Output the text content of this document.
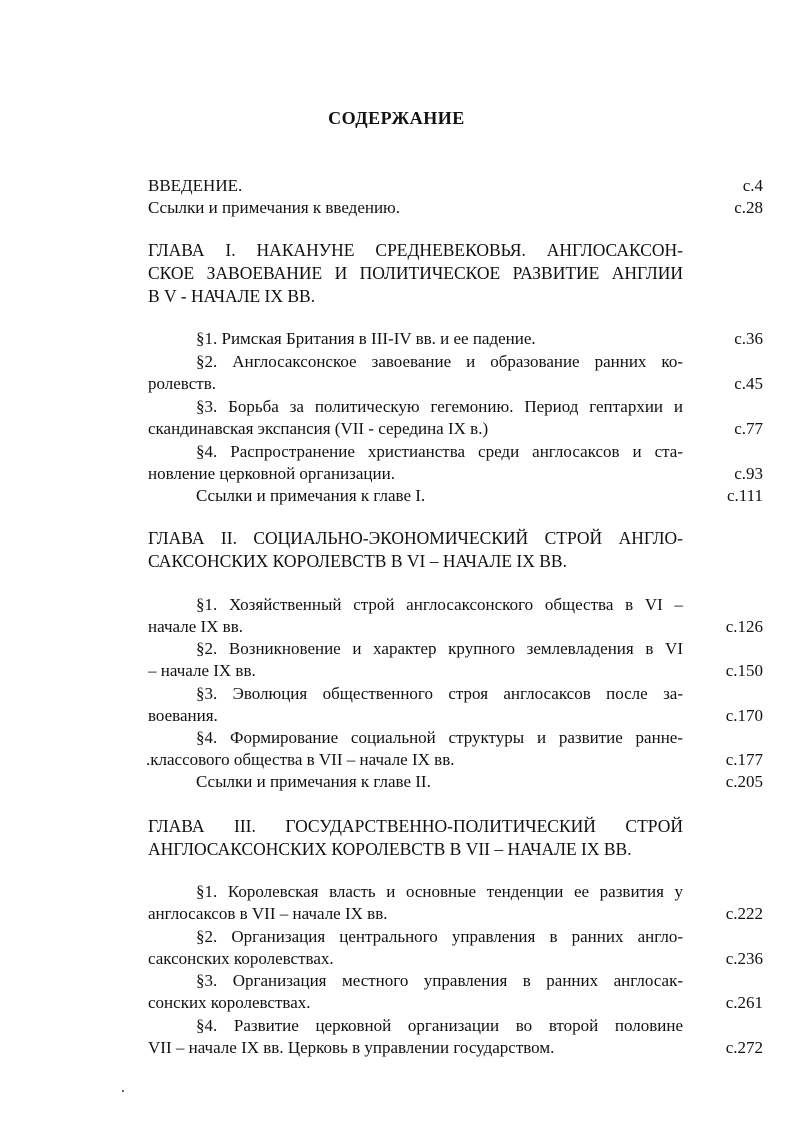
СОДЕРЖАНИЕ
ВВЕДЕНИЕ.	с.4
Ссылки и примечания к введению.	с.28
ГЛАВА I. НАКАНУНЕ СРЕДНЕВЕКОВЬЯ. АНГЛОСАКСОН-
СКОЕ ЗАВОЕВАНИЕ И ПОЛИТИЧЕСКОЕ РАЗВИТИЕ АНГЛИИ
В V - НАЧАЛЕ IX ВВ.
§1. Римская Британия в III-IV вв. и ее падение.	с.36
§2. Англосаксонское завоевание и образование ранних ко-
ролевств.	с.45
§3. Борьба за политическую гегемонию. Период гептархии и
скандинавская экспансия (VII - середина IX в.)	с.77
§4. Распространение христианства среди англосаксов и ста-
новление церковной организации.	с.93
Ссылки и примечания к главе I.	с.111
ГЛАВА II. СОЦИАЛЬНО-ЭКОНОМИЧЕСКИЙ СТРОЙ АНГЛО-
САКСОНСКИХ КОРОЛЕВСТВ В VI – НАЧАЛЕ IX ВВ.
§1. Хозяйственный строй англосаксонского общества в VI –
начале IX вв.	с.126
§2. Возникновение и характер крупного землевладения в VI
– начале IX вв.	с.150
§3. Эволюция общественного строя англосаксов после за-
воевания.	с.170
§4. Формирование социальной структуры и развитие ранне-
.классового общества в VII – начале IX вв.	с.177
Ссылки и примечания к главе II.	с.205
ГЛАВА III. ГОСУДАРСТВЕННО-ПОЛИТИЧЕСКИЙ СТРОЙ
АНГЛОСАКСОНСКИХ КОРОЛЕВСТВ В VII – НАЧАЛЕ IX ВВ.
§1. Королевская власть и основные тенденции ее развития у
англосаксов в VII – начале IX вв.	с.222
§2. Организация центрального управления в ранних англо-
саксонских королевствах.	с.236
§3. Организация местного управления в ранних англосак-
сонских королевствах.	с.261
§4. Развитие церковной организации во второй половине
VII – начале IX вв. Церковь в управлении государством.	с.272
